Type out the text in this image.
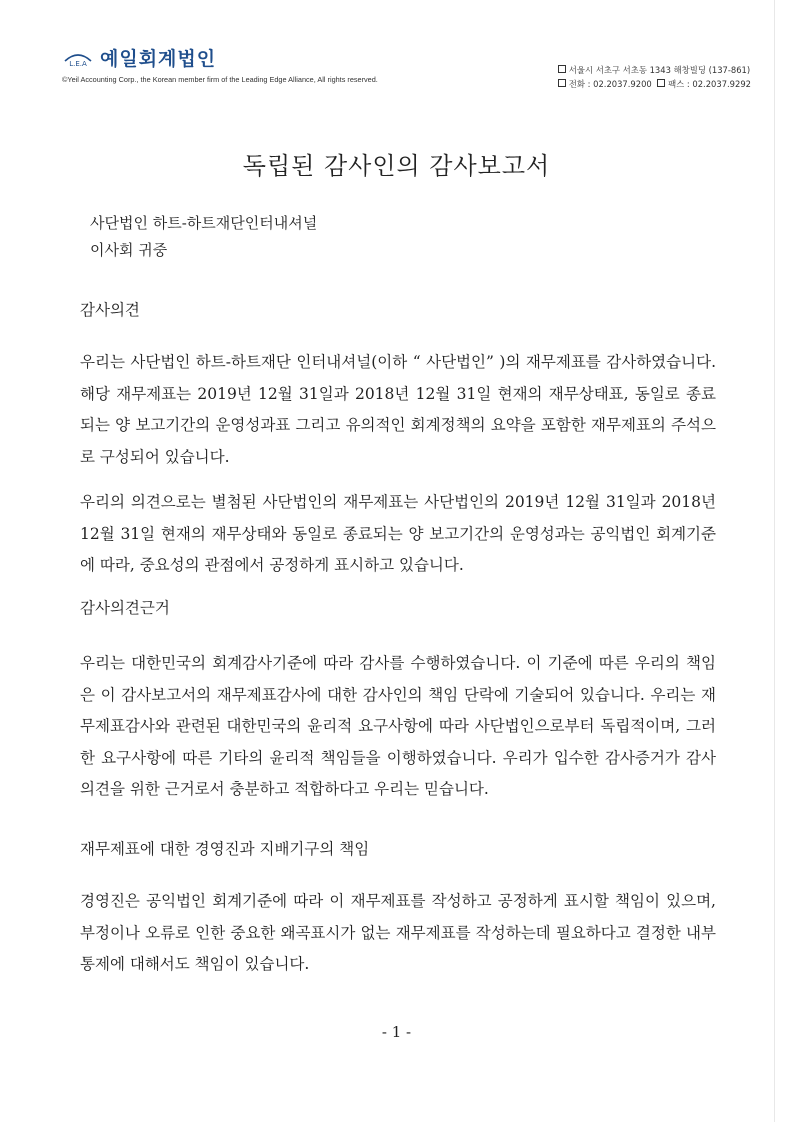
L.E.A 예일회계법인
©Yeil Accounting Corp., the Korean member firm of the Leading Edge Alliance, All rights reserved.
서울시 서초구 서초동 1343 해창빌딩 (137-861)
전화 : 02.2037.9200 팩스 : 02.2037.9292
독립된 감사인의 감사보고서
사단법인 하트-하트재단인터내셔널
이사회 귀중
감사의견
우리는 사단법인 하트-하트재단 인터내셔널(이하 “ 사단법인” )의 재무제표를 감사하였습니다. 해당 재무제표는 2019년 12월 31일과 2018년 12월 31일 현재의 재무상태표, 동일로 종료되는 양 보고기간의 운영성과표 그리고 유의적인 회계정책의 요약을 포함한 재무제표의 주석으로 구성되어 있습니다.
우리의 의견으로는 별첨된 사단법인의 재무제표는 사단법인의 2019년 12월 31일과 2018년 12월 31일 현재의 재무상태와 동일로 종료되는 양 보고기간의 운영성과는 공익법인 회계기준에 따라, 중요성의 관점에서 공정하게 표시하고 있습니다.
감사의견근거
우리는 대한민국의 회계감사기준에 따라 감사를 수행하였습니다. 이 기준에 따른 우리의 책임은 이 감사보고서의 재무제표감사에 대한 감사인의 책임 단락에 기술되어 있습니다. 우리는 재무제표감사와 관련된 대한민국의 윤리적 요구사항에 따라 사단법인으로부터 독립적이며, 그러한 요구사항에 따른 기타의 윤리적 책임들을 이행하였습니다. 우리가 입수한 감사증거가 감사의견을 위한 근거로서 충분하고 적합하다고 우리는 믿습니다.
재무제표에 대한 경영진과 지배기구의 책임
경영진은 공익법인 회계기준에 따라 이 재무제표를 작성하고 공정하게 표시할 책임이 있으며, 부정이나 오류로 인한 중요한 왜곡표시가 없는 재무제표를 작성하는데 필요하다고 결정한 내부통제에 대해서도 책임이 있습니다.
- 1 -
